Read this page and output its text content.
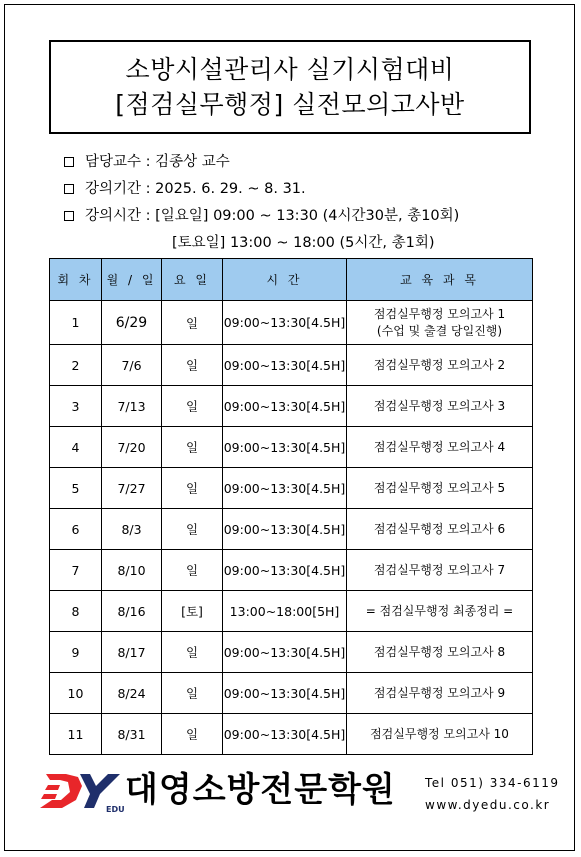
소방시설관리사 실기시험대비
[점검실무행정] 실전모의고사반
담당교수 : 김종상 교수
강의기간 : 2025. 6. 29. ~ 8. 31.
강의시간 : [일요일] 09:00 ~ 13:30 (4시간30분, 총10회)
[토요일] 13:00 ~ 18:00 (5시간, 총1회)
회 차	월 / 일	요 일	시 간	교 육 과 목
1	6/29	일	09:00~13:30[4.5H]	점검실무행정 모의고사 1
(수업 및 출결 당일진행)

2	7/6	일	09:00~13:30[4.5H]	점검실무행정 모의고사 2
3	7/13	일	09:00~13:30[4.5H]	점검실무행정 모의고사 3
4	7/20	일	09:00~13:30[4.5H]	점검실무행정 모의고사 4
5	7/27	일	09:00~13:30[4.5H]	점검실무행정 모의고사 5
6	8/3	일	09:00~13:30[4.5H]	점검실무행정 모의고사 6
7	8/10	일	09:00~13:30[4.5H]	점검실무행정 모의고사 7
8	8/16	[토]	13:00~18:00[5H]	= 점검실무행정 최종정리 =
9	8/17	일	09:00~13:30[4.5H]	점검실무행정 모의고사 8
10	8/24	일	09:00~13:30[4.5H]	점검실무행정 모의고사 9
11	8/31	일	09:00~13:30[4.5H]	점검실무행정 모의고사 10
EDU 대영소방전문학원 Tel 051) 334-6119
www.dyedu.co.kr
